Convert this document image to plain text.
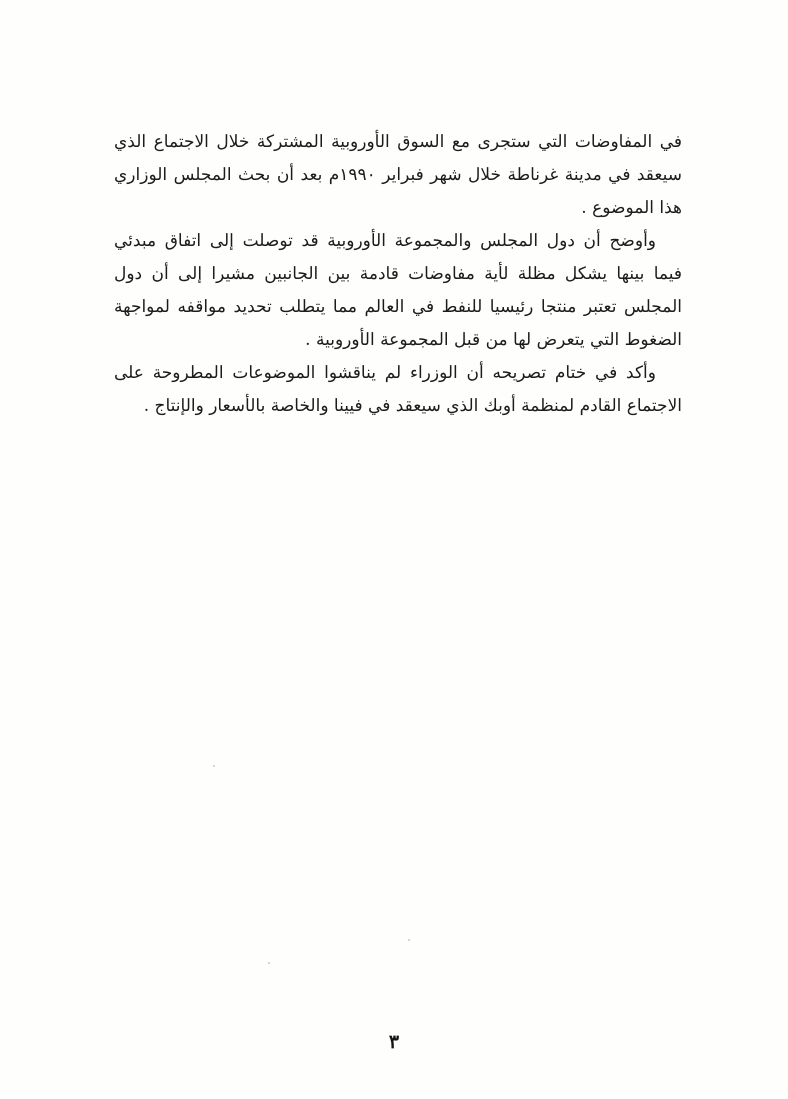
في المفاوضات التي ستجرى مع السوق الأوروبية المشتركة خلال الاجتماع الذي سيعقد في مدينة غرناطة خلال شهر فبراير ١٩٩٠م بعد أن بحث المجلس الوزاري هذا الموضوع .

وأوضح أن دول المجلس والمجموعة الأوروبية قد توصلت إلى اتفاق مبدئي فيما بينها يشكل مظلة لأية مفاوضات قادمة بين الجانبين مشيرا إلى أن دول المجلس تعتبر منتجا رئيسيا للنفط في العالم مما يتطلب تحديد مواقفه لمواجهة الضغوط التي يتعرض لها من قبل المجموعة الأوروبية .

وأكد في ختام تصريحه أن الوزراء لم يناقشوا الموضوعات المطروحة على الاجتماع القادم لمنظمة أوبك الذي سيعقد في فيينا والخاصة بالأسعار والإنتاج .

٣
